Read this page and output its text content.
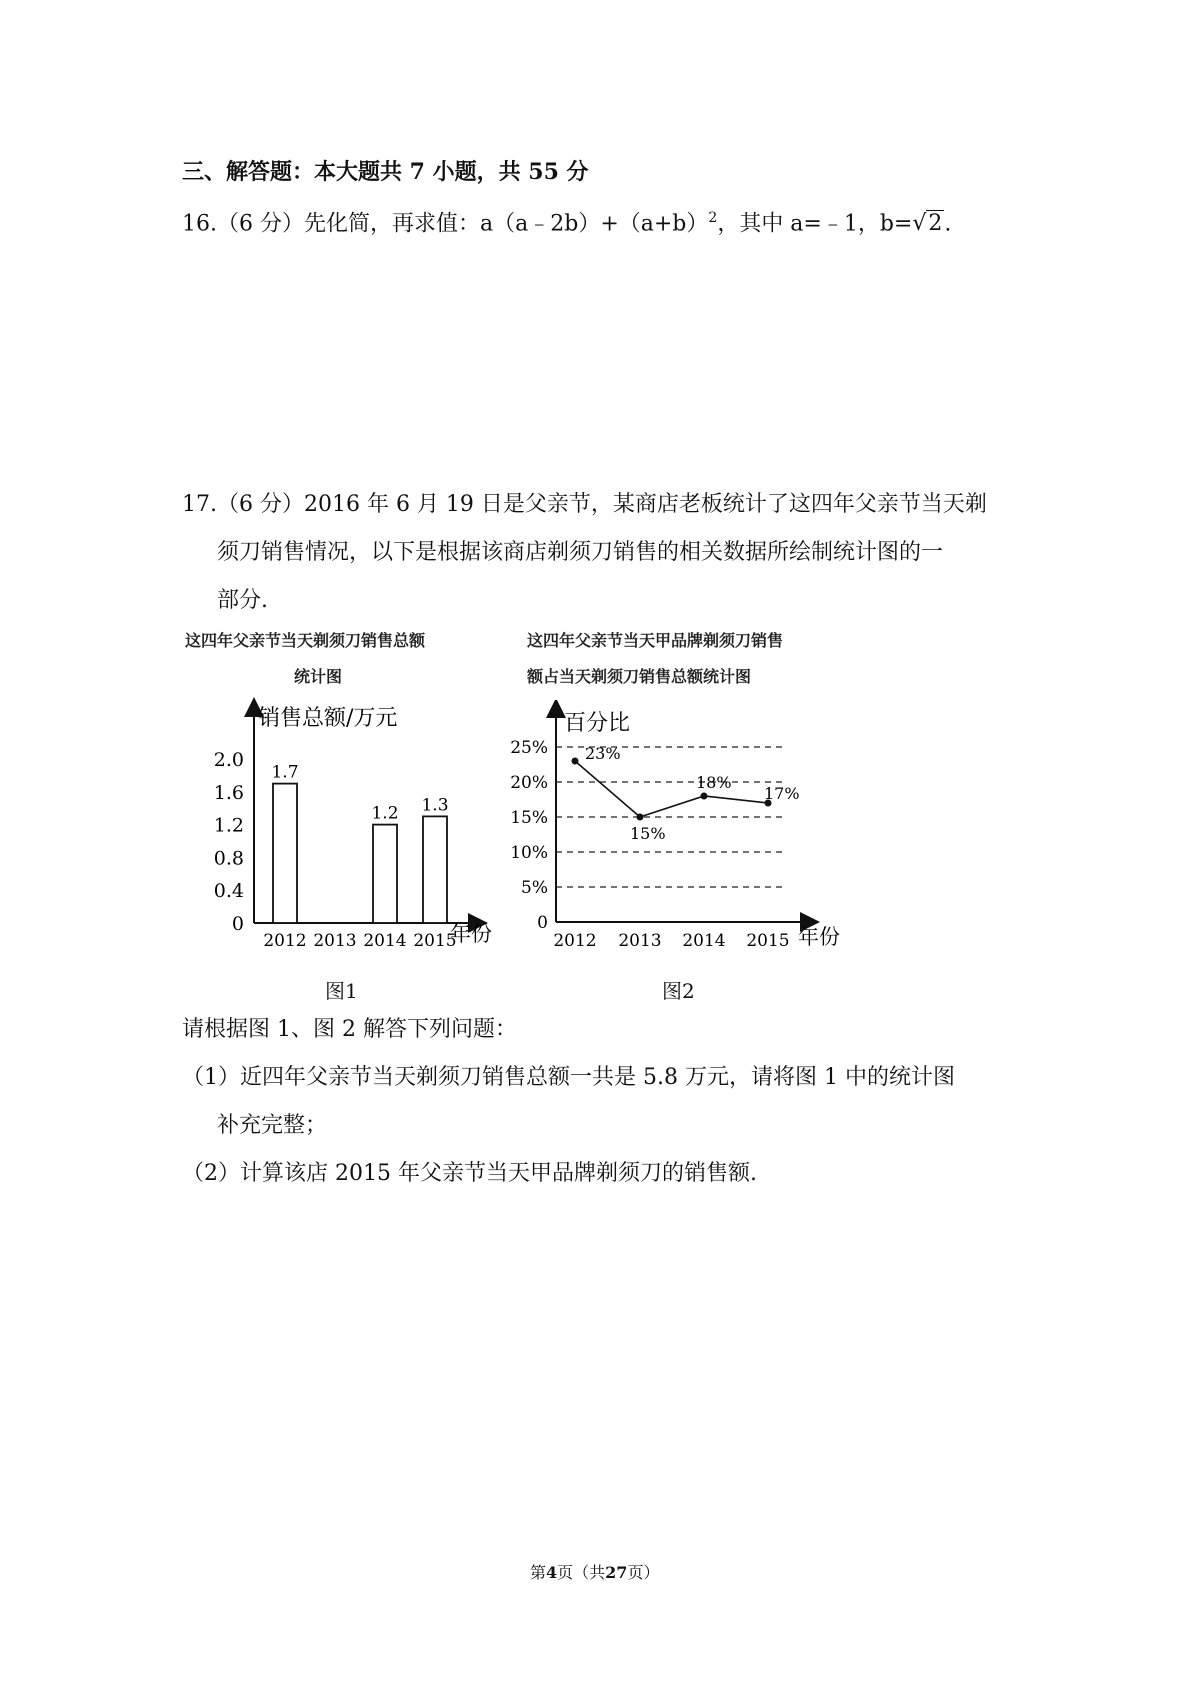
三、解答题：本大题共 7 小题，共 55 分
16.（6 分）先化简，再求值：$a(a﹣2b)+(a+b)^2$，其中 a=﹣1，b=√2.
17.（6 分）2016 年 6 月 19 日是父亲节，某商店老板统计了这四年父亲节当天剃
须刀销售情况，以下是根据该商店剃须刀销售的相关数据所绘制统计图的一
部分.
这四年父亲节当天剃须刀销售总额
统计图
这四年父亲节当天甲品牌剃须刀销售
额占当天剃须刀销售总额统计图
销售总额/万元
年份
0
0.4
0.8
1.2
1.6
2.0
2012
1.7
2013 2014
1.2
2015
1.3
图1
百分比
年份
0
5%
10%
15%
20%
25%
2012
23%
2013
15%
2014
18%
2015
17%
图2
请根据图 1、图 2 解答下列问题：
（1）近四年父亲节当天剃须刀销售总额一共是 5.8 万元，请将图 1 中的统计图
补充完整；
（2）计算该店 2015 年父亲节当天甲品牌剃须刀的销售额.
第4页（共27页）
